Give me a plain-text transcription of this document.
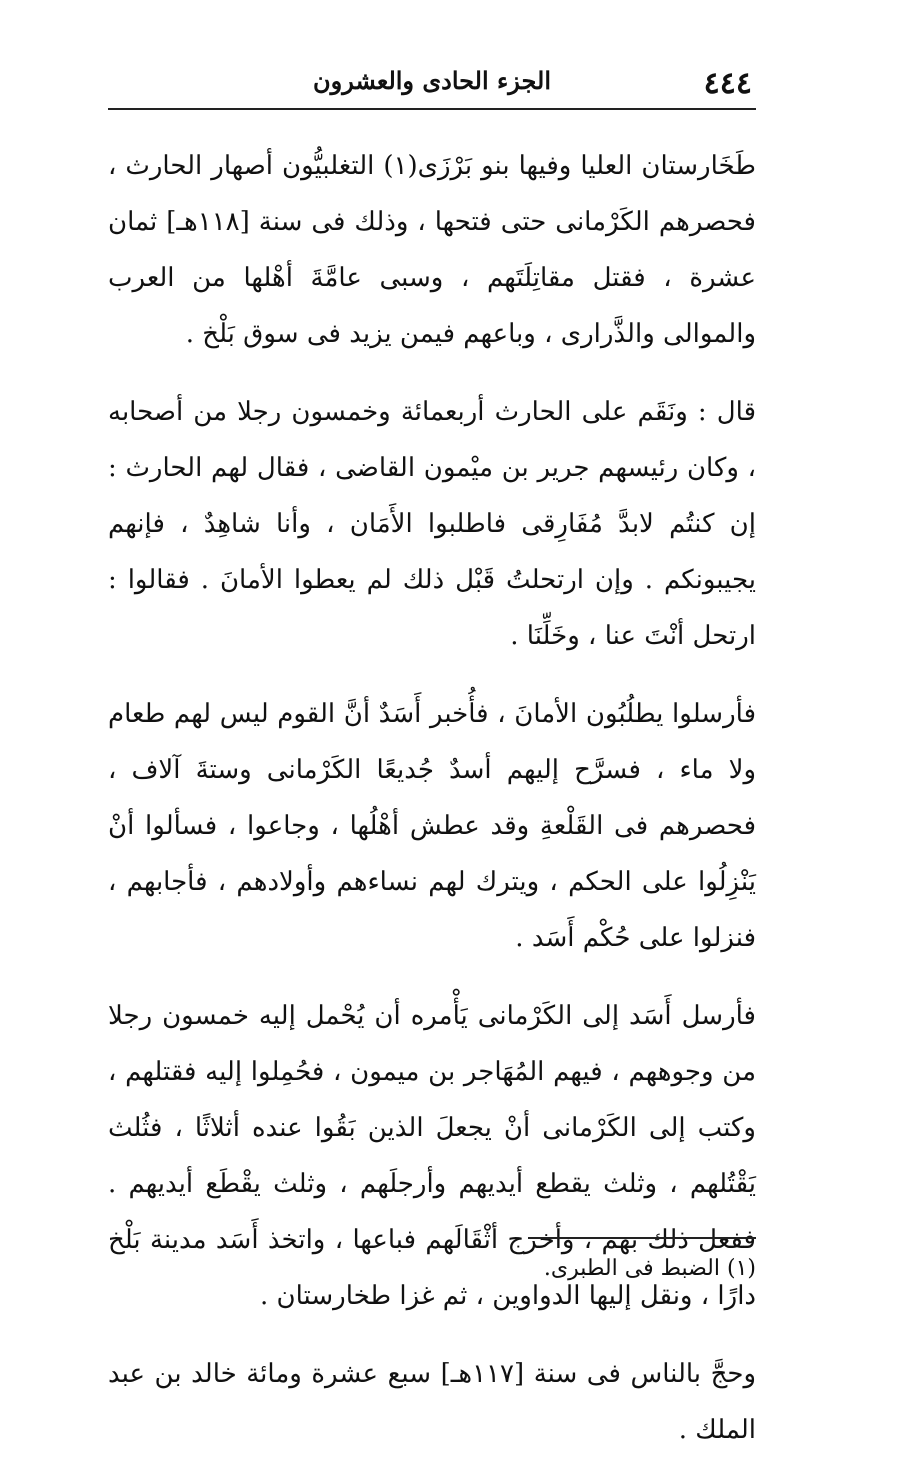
٤٤٤
الجزء الحادى والعشرون

طَخَارستان العليا وفيها بنو بَرْزَى(١) التغلبيُّون أصهار الحارث ، فحصرهم الكَرْمانى حتى فتحها ، وذلك فى سنة [١١٨هـ] ثمان عشرة ، فقتل مقاتِلَتَهم ، وسبى عامَّةَ أهْلها من العرب والموالى والذَّرارى ، وباعهم فيمن يزيد فى سوق بَلْخ .

قال : ونَقَم على الحارث أربعمائة وخمسون رجلا من أصحابه ، وكان رئيسهم جرير بن ميْمون القاضى ، فقال لهم الحارث : إن كنتُم لابدَّ مُفَارِقى فاطلبوا الأَمَان ، وأنا شاهِدٌ ، فإنهم يجيبونكم . وإن ارتحلتُ قَبْل ذلك لم يعطوا الأمانَ . فقالوا : ارتحل أنْتَ عنا ، وخَلِّنَا .

فأرسلوا يطلُبُون الأمانَ ، فأُخبر أَسَدٌ أنَّ القوم ليس لهم طعام ولا ماء ، فسرَّح إليهم أسدٌ جُديعًا الكَرْمانى وستةَ آلاف ، فحصرهم فى القَلْعةِ وقد عطش أهْلُها ، وجاعوا ، فسألوا أنْ يَنْزِلُوا على الحكم ، ويترك لهم نساءهم وأولادهم ، فأجابهم ، فنزلوا على حُكْم أَسَد .

فأرسل أَسَد إلى الكَرْمانى يَأْمره أن يُحْمل إليه خمسون رجلا من وجوههم ، فيهم المُهَاجر بن ميمون ، فحُمِلوا إليه فقتلهم ، وكتب إلى الكَرْمانى أنْ يجعلَ الذين بَقُوا عنده أثلاثًا ، فثُلث يَقْتُلهم ، وثلث يقطع أيديهم وأرجلَهم ، وثلث يقْطَع أيديهم . ففعل ذلك بهم ، وأخرج أثْقَالَهم فباعها ، واتخذ أَسَد مدينة بَلْخ دارًا ، ونقل إليها الدواوين ، ثم غزا طخارستان .

وحجَّ بالناس فى سنة [١١٧هـ] سبع عشرة ومائة خالد بن عبد الملك .

(١) الضبط فى الطبرى.
